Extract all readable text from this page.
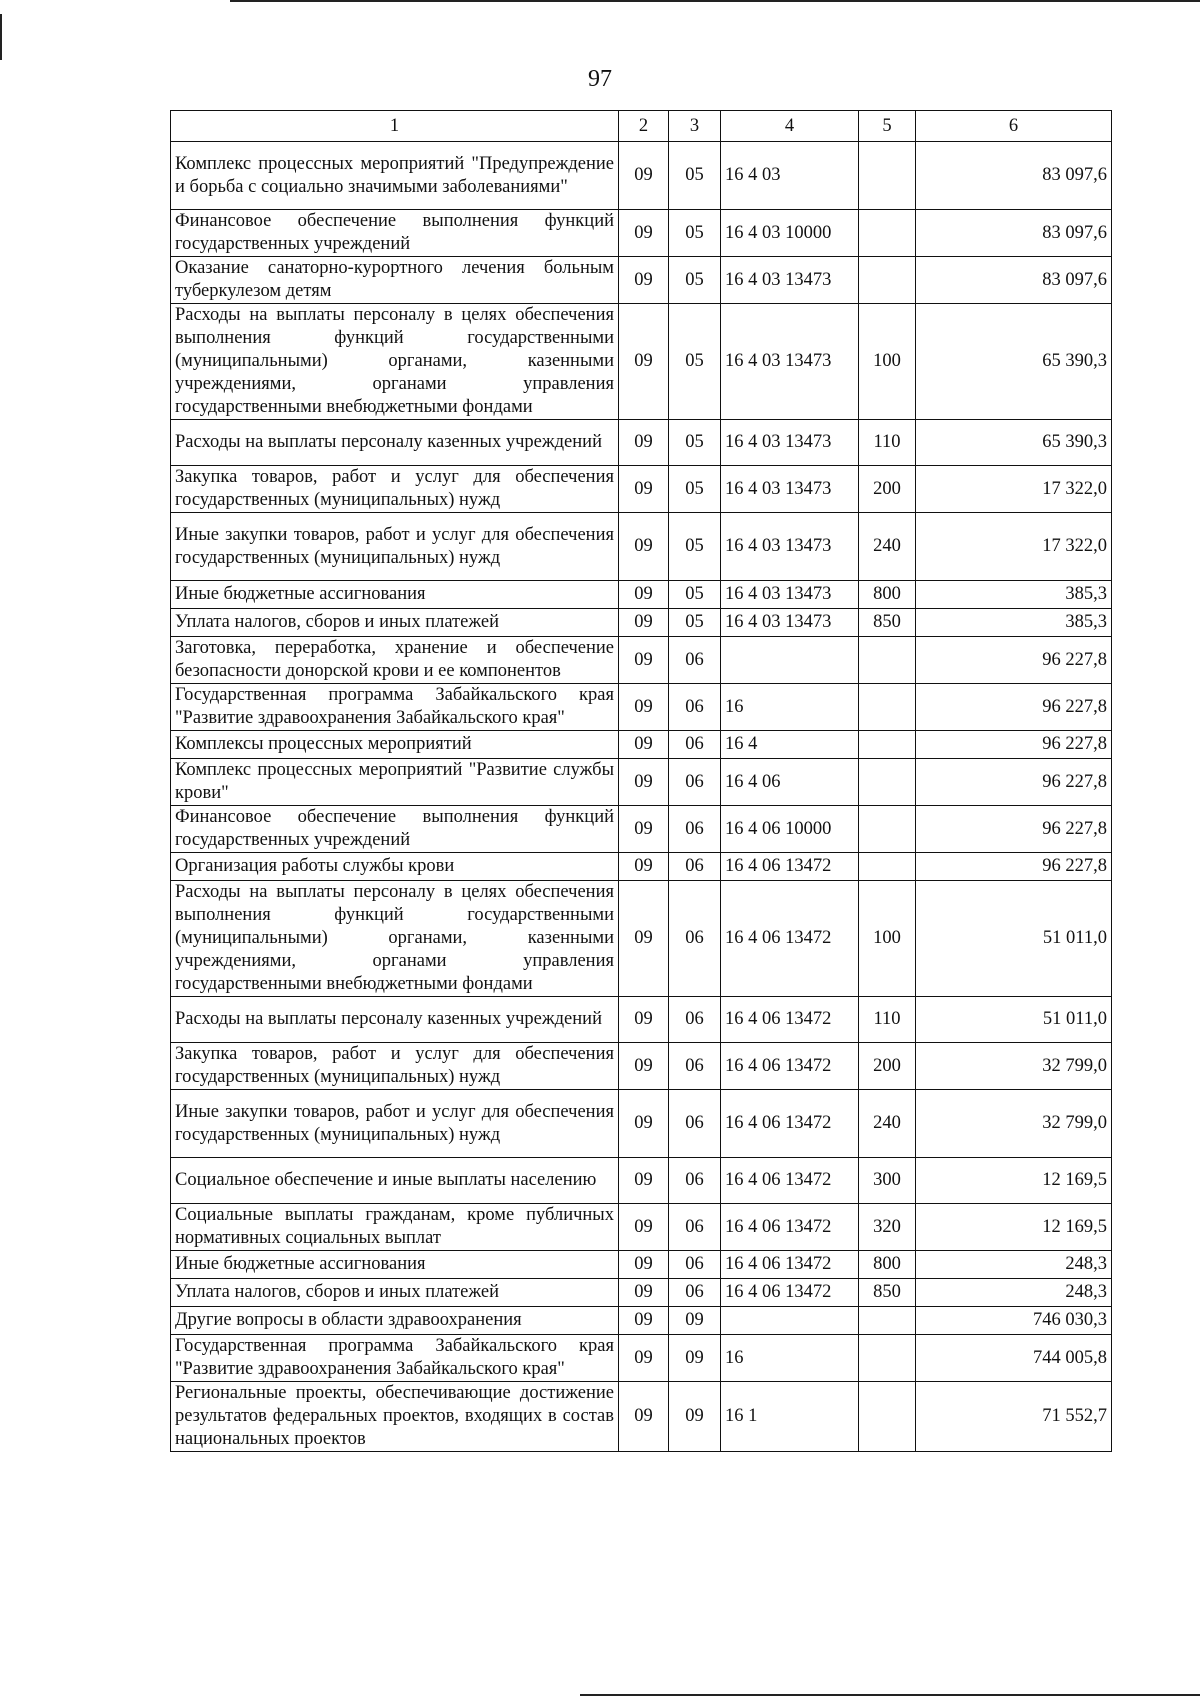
97
1	2	3	4	5	6
Комплекс процессных мероприятий "Предупреждение и борьба с социально значимыми заболеваниями"	09	05	16 4 03		83 097,6
Финансовое обеспечение выполнения функций государственных учреждений	09	05	16 4 03 10000		83 097,6
Оказание санаторно-курортного лечения больным туберкулезом детям	09	05	16 4 03 13473		83 097,6
Расходы на выплаты персоналу в целях обеспечения выполнения функций государственными (муниципальными) органами, казенными учреждениями, органами управления государственными внебюджетными фондами	09	05	16 4 03 13473	100	65 390,3
Расходы на выплаты персоналу казенных учреждений	09	05	16 4 03 13473	110	65 390,3
Закупка товаров, работ и услуг для обеспечения государственных (муниципальных) нужд	09	05	16 4 03 13473	200	17 322,0
Иные закупки товаров, работ и услуг для обеспечения государственных (муниципальных) нужд	09	05	16 4 03 13473	240	17 322,0
Иные бюджетные ассигнования	09	05	16 4 03 13473	800	385,3
Уплата налогов, сборов и иных платежей	09	05	16 4 03 13473	850	385,3
Заготовка, переработка, хранение и обеспечение безопасности донорской крови и ее компонентов	09	06			96 227,8
Государственная программа Забайкальского края "Развитие здравоохранения Забайкальского края"	09	06	16		96 227,8
Комплексы процессных мероприятий	09	06	16 4		96 227,8
Комплекс процессных мероприятий "Развитие службы крови"	09	06	16 4 06		96 227,8
Финансовое обеспечение выполнения функций государственных учреждений	09	06	16 4 06 10000		96 227,8
Организация работы службы крови	09	06	16 4 06 13472		96 227,8
Расходы на выплаты персоналу в целях обеспечения выполнения функций государственными (муниципальными) органами, казенными учреждениями, органами управления государственными внебюджетными фондами	09	06	16 4 06 13472	100	51 011,0
Расходы на выплаты персоналу казенных учреждений	09	06	16 4 06 13472	110	51 011,0
Закупка товаров, работ и услуг для обеспечения государственных (муниципальных) нужд	09	06	16 4 06 13472	200	32 799,0
Иные закупки товаров, работ и услуг для обеспечения государственных (муниципальных) нужд	09	06	16 4 06 13472	240	32 799,0
Социальное обеспечение и иные выплаты населению	09	06	16 4 06 13472	300	12 169,5
Социальные выплаты гражданам, кроме публичных нормативных социальных выплат	09	06	16 4 06 13472	320	12 169,5
Иные бюджетные ассигнования	09	06	16 4 06 13472	800	248,3
Уплата налогов, сборов и иных платежей	09	06	16 4 06 13472	850	248,3
Другие вопросы в области здравоохранения	09	09			746 030,3
Государственная программа Забайкальского края "Развитие здравоохранения Забайкальского края"	09	09	16		744 005,8
Региональные проекты, обеспечивающие достижение результатов федеральных проектов, входящих в состав национальных проектов	09	09	16 1		71 552,7
